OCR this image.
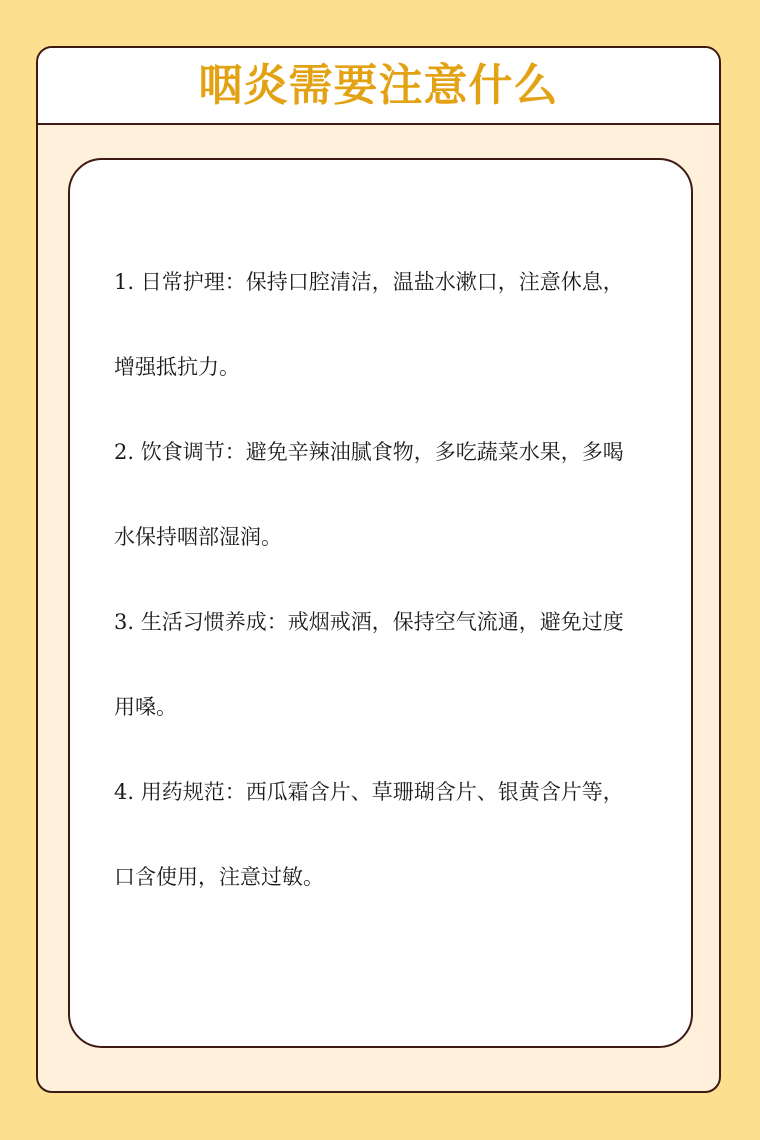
咽炎需要注意什么
1. 日常护理：保持口腔清洁，温盐水漱口，注意休息，增强抵抗力。
2. 饮食调节：避免辛辣油腻食物，多吃蔬菜水果，多喝水保持咽部湿润。
3. 生活习惯养成：戒烟戒酒，保持空气流通，避免过度用嗓。
4. 用药规范：西瓜霜含片、草珊瑚含片、银黄含片等，口含使用，注意过敏。
